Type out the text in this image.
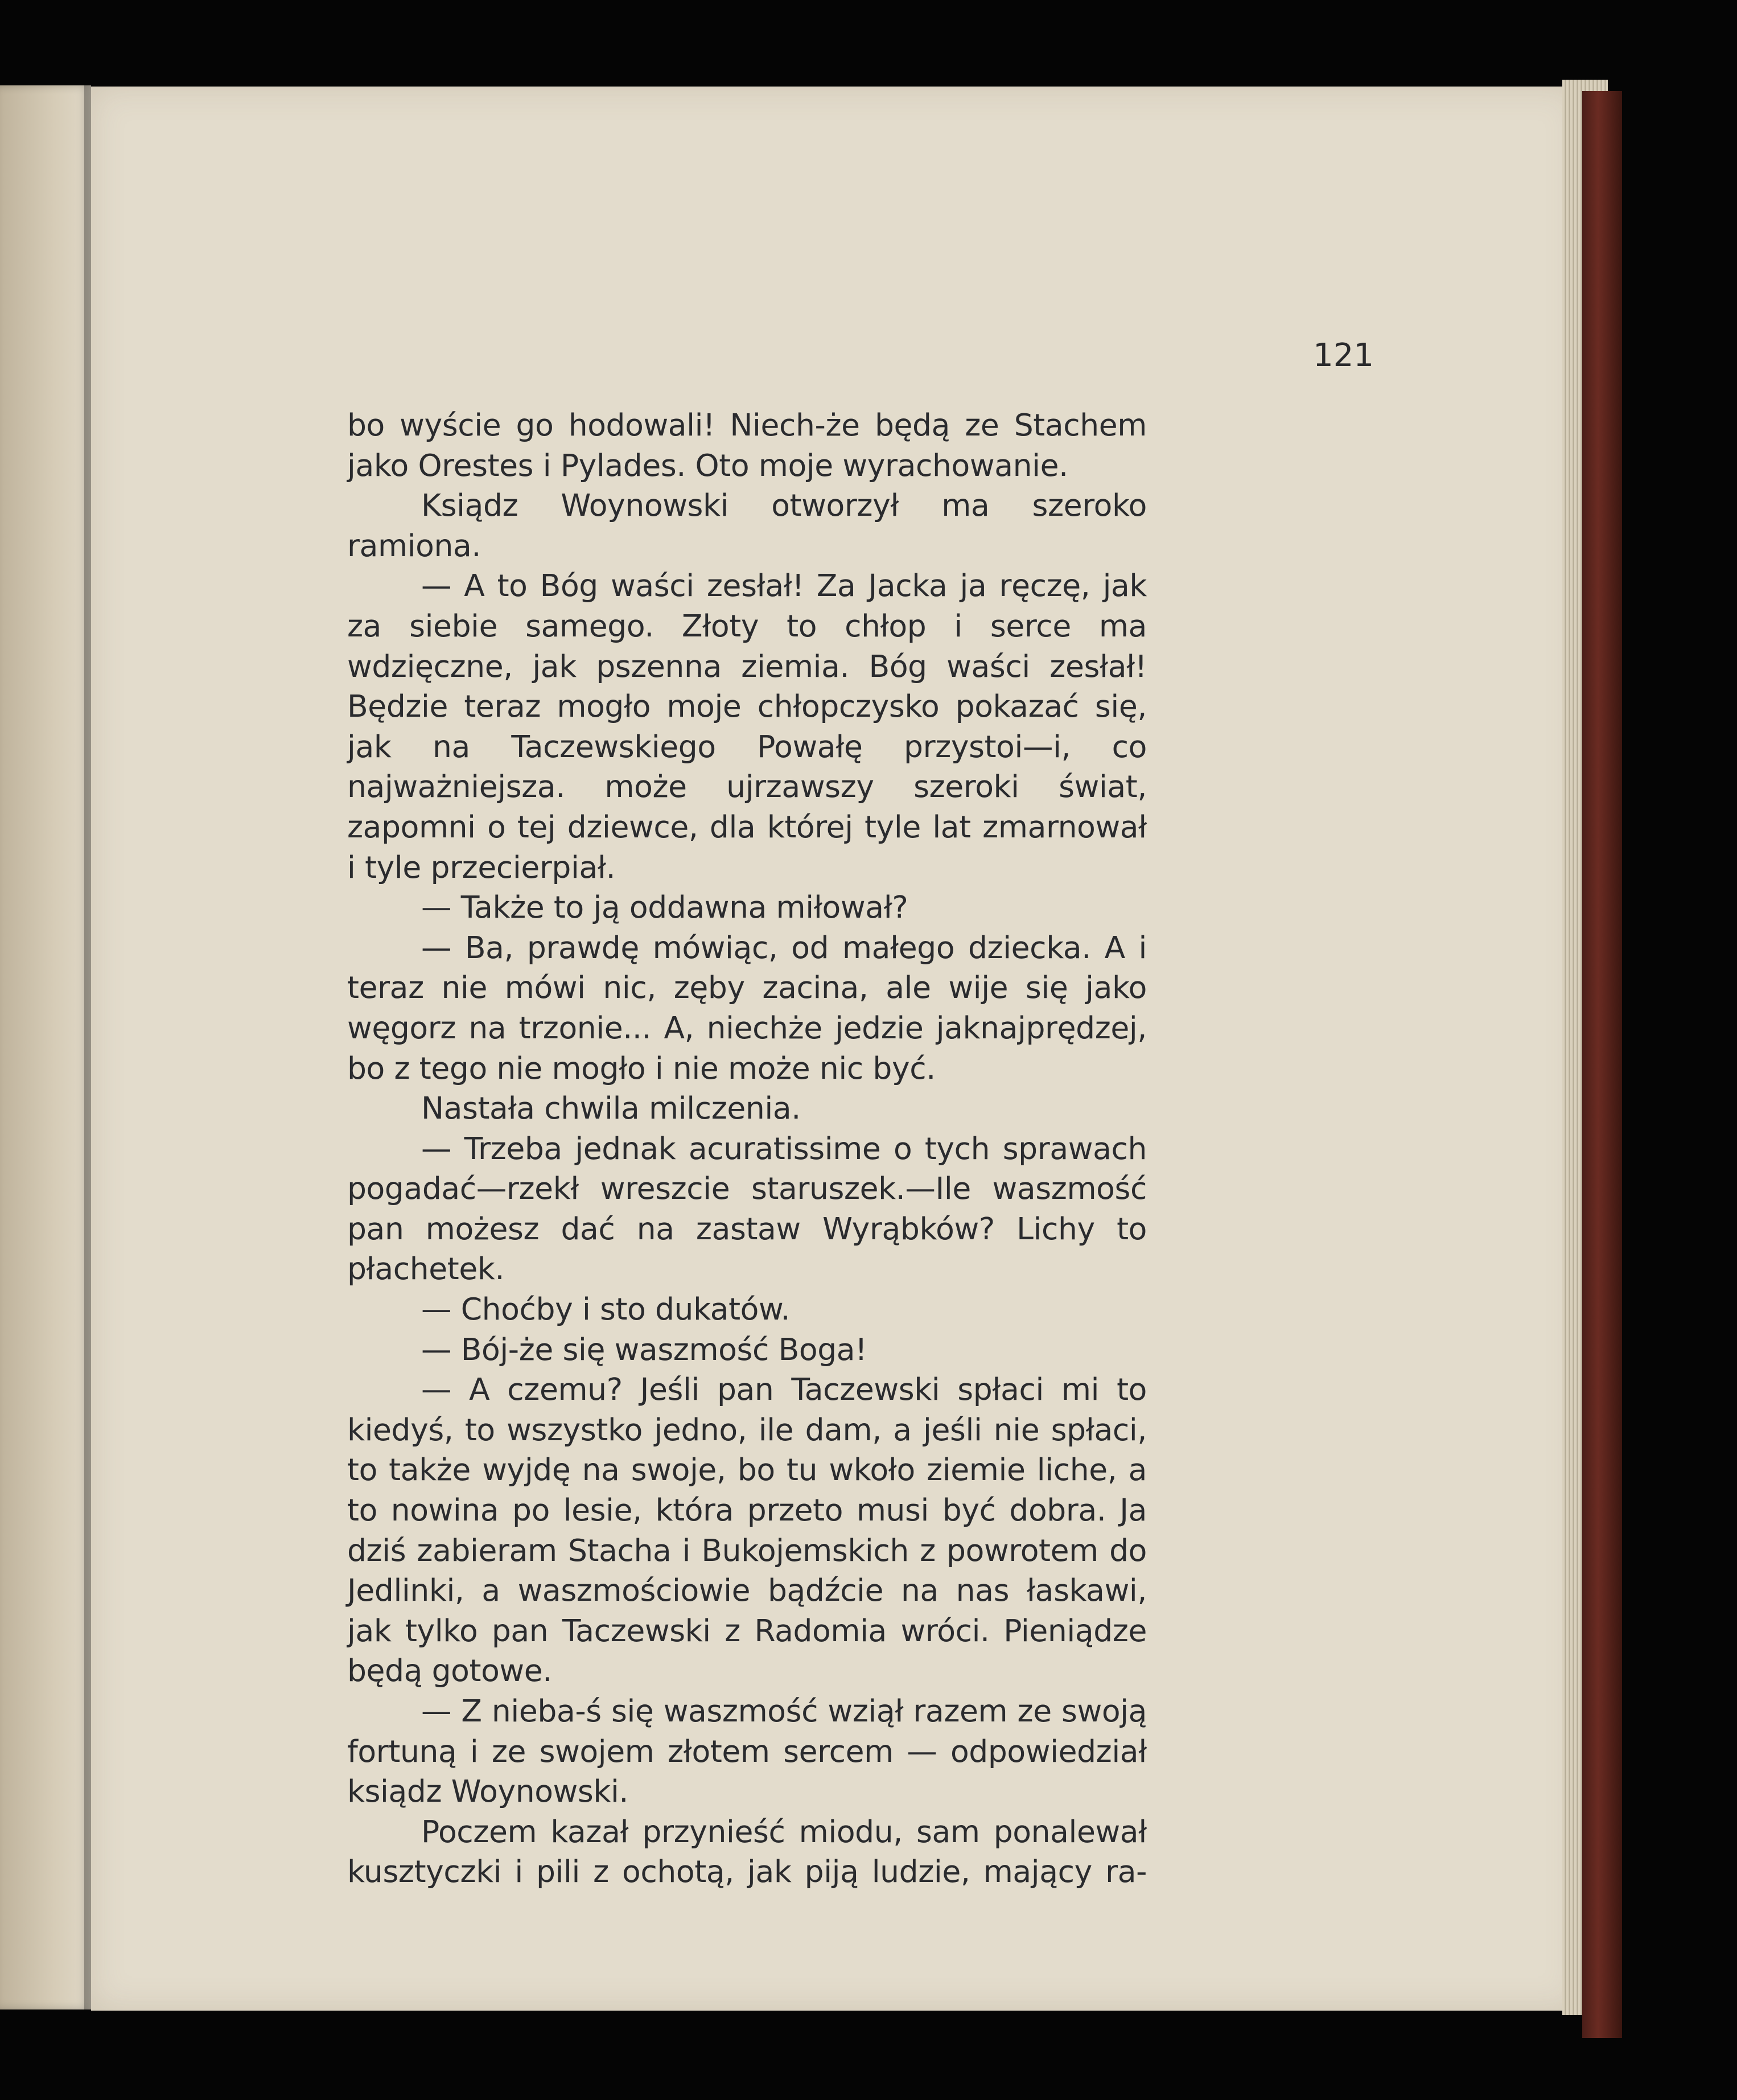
121

bo wyście go hodowali! Niech-że będą ze Stachem jako Orestes i Pylades. Oto moje wyrachowanie.

Ksiądz Woynowski otworzył ma szeroko ramiona.

— A to Bóg waści zesłał! Za Jacka ja ręczę, jak za siebie samego. Złoty to chłop i serce ma wdzięczne, jak pszenna ziemia. Bóg waści zesłał! Będzie teraz mogło moje chłopczysko pokazać się, jak na Taczewskiego Powałę przystoi—i, co najważniejsza. może ujrzawszy szeroki świat, zapomni o tej dziewce, dla której tyle lat zmarnował i tyle przecierpiał.

— Także to ją oddawna miłował?

— Ba, prawdę mówiąc, od małego dziecka. A i teraz nie mówi nic, zęby zacina, ale wije się jako węgorz na trzonie... A, niechże jedzie jaknajprędzej, bo z tego nie mogło i nie może nic być.

Nastała chwila milczenia.

— Trzeba jednak acuratissime o tych sprawach pogadać—rzekł wreszcie staruszek.—Ile waszmość pan możesz dać na zastaw Wyrąbków? Lichy to płachetek.

— Choćby i sto dukatów.

— Bój-że się waszmość Boga!

— A czemu? Jeśli pan Taczewski spłaci mi to kiedyś, to wszystko jedno, ile dam, a jeśli nie spłaci, to także wyjdę na swoje, bo tu wkoło ziemie liche, a to nowina po lesie, która przeto musi być dobra. Ja dziś zabieram Stacha i Bukojemskich z powrotem do Jedlinki, a waszmościowie bądźcie na nas łaskawi, jak tylko pan Taczewski z Radomia wróci. Pieniądze będą gotowe.

— Z nieba-ś się waszmość wziął razem ze swoją fortuną i ze swojem złotem sercem — odpowiedział ksiądz Woynowski.

Poczem kazał przynieść miodu, sam ponalewał kusztyczki i pili z ochotą, jak piją ludzie, mający ra-
